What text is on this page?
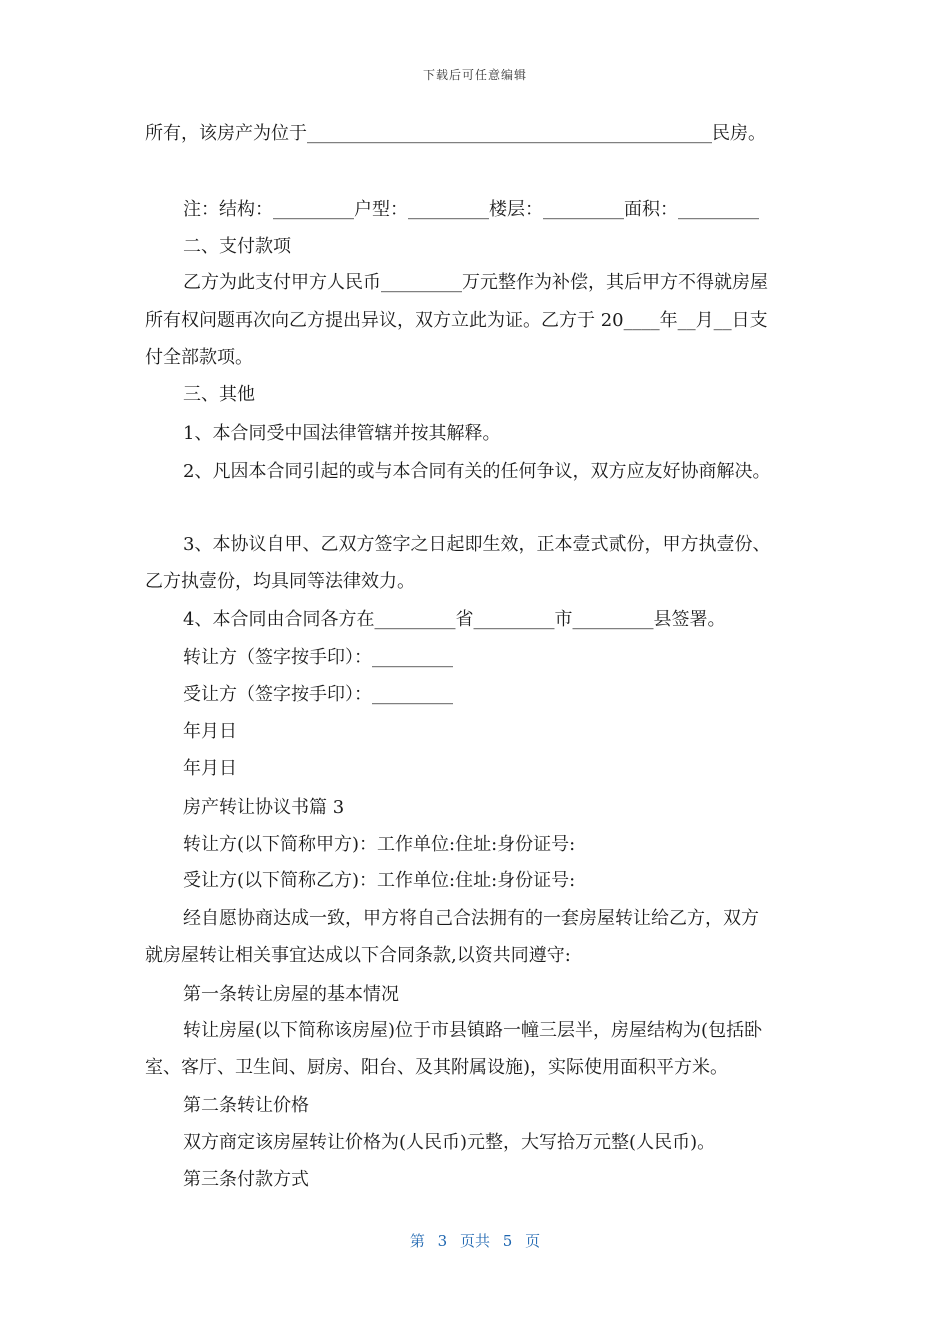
下载后可任意编辑
所有，该房产为位于_____________________________________________民房。
注：结构：_________户型：_________楼层：_________面积：_________
二、支付款项
乙方为此支付甲方人民币_________万元整作为补偿，其后甲方不得就房屋
所有权问题再次向乙方提出异议，双方立此为证。乙方于 20____年__月__日支
付全部款项。
三、其他
1、本合同受中国法律管辖并按其解释。
2、凡因本合同引起的或与本合同有关的任何争议，双方应友好协商解决。
3、本协议自甲、乙双方签字之日起即生效，正本壹式贰份，甲方执壹份、
乙方执壹份，均具同等法律效力。
4、本合同由合同各方在_________省_________市_________县签署。
转让方（签字按手印）：_________
受让方（签字按手印）：_________
年月日
年月日
房产转让协议书篇 3
转让方(以下简称甲方)：工作单位:住址:身份证号:
受让方(以下简称乙方)：工作单位:住址:身份证号:
经自愿协商达成一致，甲方将自己合法拥有的一套房屋转让给乙方，双方
就房屋转让相关事宜达成以下合同条款,以资共同遵守:
第一条转让房屋的基本情况
转让房屋(以下简称该房屋)位于市县镇路一幢三层半，房屋结构为(包括卧
室、客厅、卫生间、厨房、阳台、及其附属设施)，实际使用面积平方米。
第二条转让价格
双方商定该房屋转让价格为(人民币)元整，大写拾万元整(人民币)。
第三条付款方式
第 3 页共 5 页
